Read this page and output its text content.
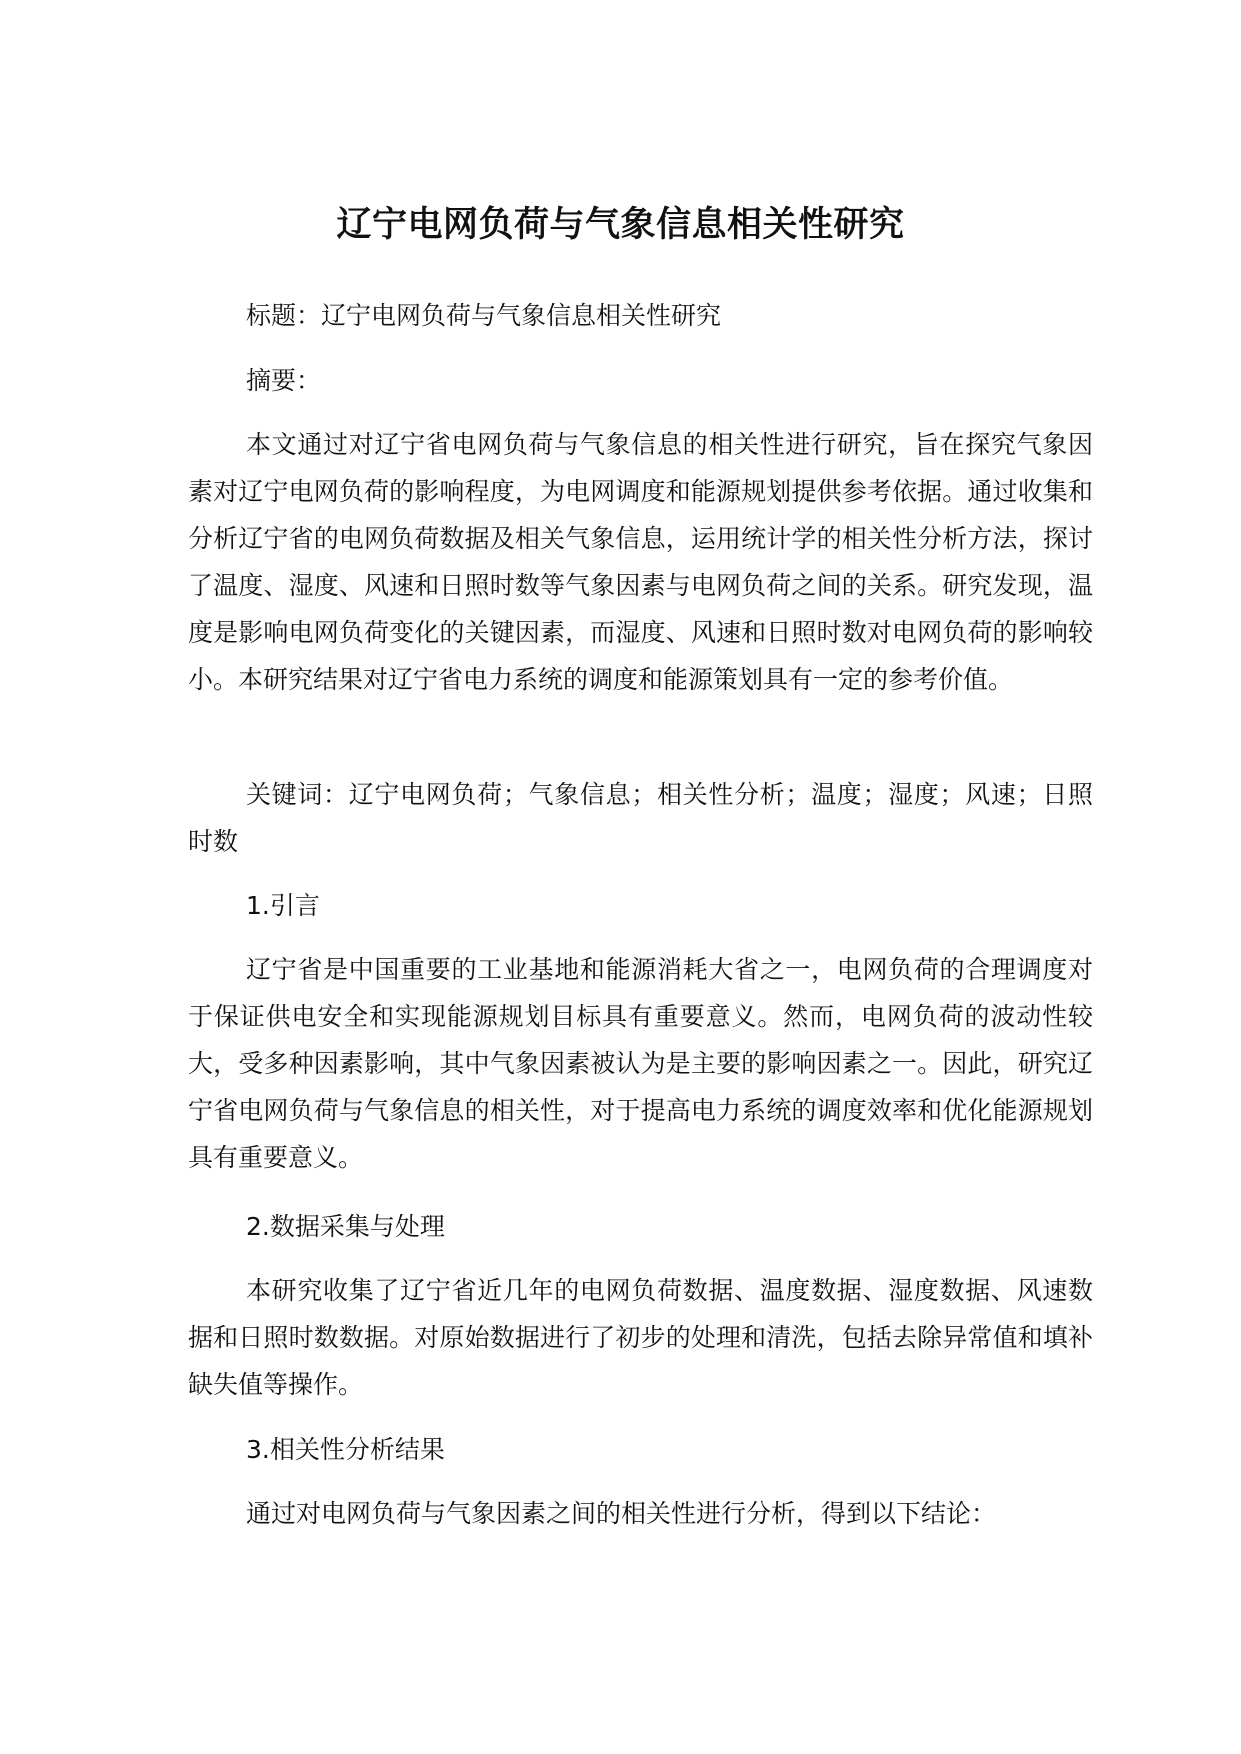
辽宁电网负荷与气象信息相关性研究

标题：辽宁电网负荷与气象信息相关性研究

摘要：

本文通过对辽宁省电网负荷与气象信息的相关性进行研究，旨在探究气象因素对辽宁电网负荷的影响程度，为电网调度和能源规划提供参考依据。通过收集和分析辽宁省的电网负荷数据及相关气象信息，运用统计学的相关性分析方法，探讨了温度、湿度、风速和日照时数等气象因素与电网负荷之间的关系。研究发现，温度是影响电网负荷变化的关键因素，而湿度、风速和日照时数对电网负荷的影响较小。本研究结果对辽宁省电力系统的调度和能源策划具有一定的参考价值。

关键词：辽宁电网负荷；气象信息；相关性分析；温度；湿度；风速；日照时数

1.引言

辽宁省是中国重要的工业基地和能源消耗大省之一，电网负荷的合理调度对于保证供电安全和实现能源规划目标具有重要意义。然而，电网负荷的波动性较大，受多种因素影响，其中气象因素被认为是主要的影响因素之一。因此，研究辽宁省电网负荷与气象信息的相关性，对于提高电力系统的调度效率和优化能源规划具有重要意义。

2.数据采集与处理

本研究收集了辽宁省近几年的电网负荷数据、温度数据、湿度数据、风速数据和日照时数数据。对原始数据进行了初步的处理和清洗，包括去除异常值和填补缺失值等操作。

3.相关性分析结果

通过对电网负荷与气象因素之间的相关性进行分析，得到以下结论：
